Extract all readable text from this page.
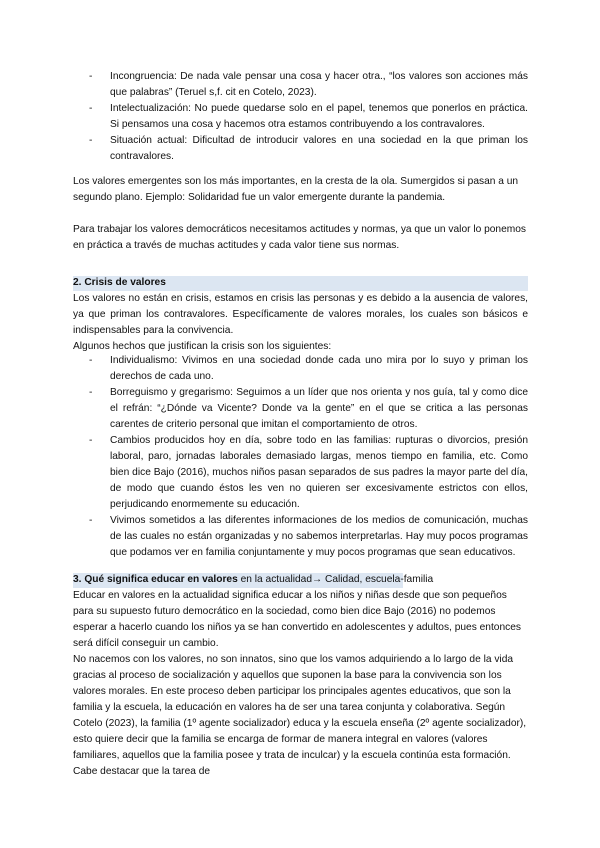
- Incongruencia: De nada vale pensar una cosa y hacer otra., “los valores son acciones más que palabras” (Teruel s,f. cit en Cotelo, 2023).
- Intelectualización: No puede quedarse solo en el papel, tenemos que ponerlos en práctica. Si pensamos una cosa y hacemos otra estamos contribuyendo a los contravalores.
- Situación actual: Dificultad de introducir valores en una sociedad en la que priman los contravalores.

Los valores emergentes son los más importantes, en la cresta de la ola. Sumergidos si pasan a un segundo plano. Ejemplo: Solidaridad fue un valor emergente durante la pandemia.

Para trabajar los valores democráticos necesitamos actitudes y normas, ya que un valor lo ponemos en práctica a través de muchas actitudes y cada valor tiene sus normas.

2. Crisis de valores

Los valores no están en crisis, estamos en crisis las personas y es debido a la ausencia de valores, ya que priman los contravalores. Específicamente de valores morales, los cuales son básicos e indispensables para la convivencia.

Algunos hechos que justifican la crisis son los siguientes:

- Individualismo: Vivimos en una sociedad donde cada uno mira por lo suyo y priman los derechos de cada uno.
- Borreguismo y gregarismo: Seguimos a un líder que nos orienta y nos guía, tal y como dice el refrán: “¿Dónde va Vicente? Donde va la gente” en el que se critica a las personas carentes de criterio personal que imitan el comportamiento de otros.
- Cambios producidos hoy en día, sobre todo en las familias: rupturas o divorcios, presión laboral, paro, jornadas laborales demasiado largas, menos tiempo en familia, etc. Como bien dice Bajo (2016), muchos niños pasan separados de sus padres la mayor parte del día, de modo que cuando éstos les ven no quieren ser excesivamente estrictos con ellos, perjudicando enormemente su educación.
- Vivimos sometidos a las diferentes informaciones de los medios de comunicación, muchas de las cuales no están organizadas y no sabemos interpretarlas. Hay muy pocos programas que podamos ver en familia conjuntamente y muy pocos programas que sean educativos.
3. Qué significa educar en valores en la actualidad→ Calidad, escuela-familia

Educar en valores en la actualidad significa educar a los niños y niñas desde que son pequeños para su supuesto futuro democrático en la sociedad, como bien dice Bajo (2016) no podemos esperar a hacerlo cuando los niños ya se han convertido en adolescentes y adultos, pues entonces será difícil conseguir un cambio.

No nacemos con los valores, no son innatos, sino que los vamos adquiriendo a lo largo de la vida gracias al proceso de socialización y aquellos que suponen la base para la convivencia son los valores morales. En este proceso deben participar los principales agentes educativos, que son la familia y la escuela, la educación en valores ha de ser una tarea conjunta y colaborativa. Según Cotelo (2023), la familia (1º agente socializador) educa y la escuela enseña (2º agente socializador), esto quiere decir que la familia se encarga de formar de manera integral en valores (valores familiares, aquellos que la familia posee y trata de inculcar) y la escuela continúa esta formación. Cabe destacar que la tarea de
